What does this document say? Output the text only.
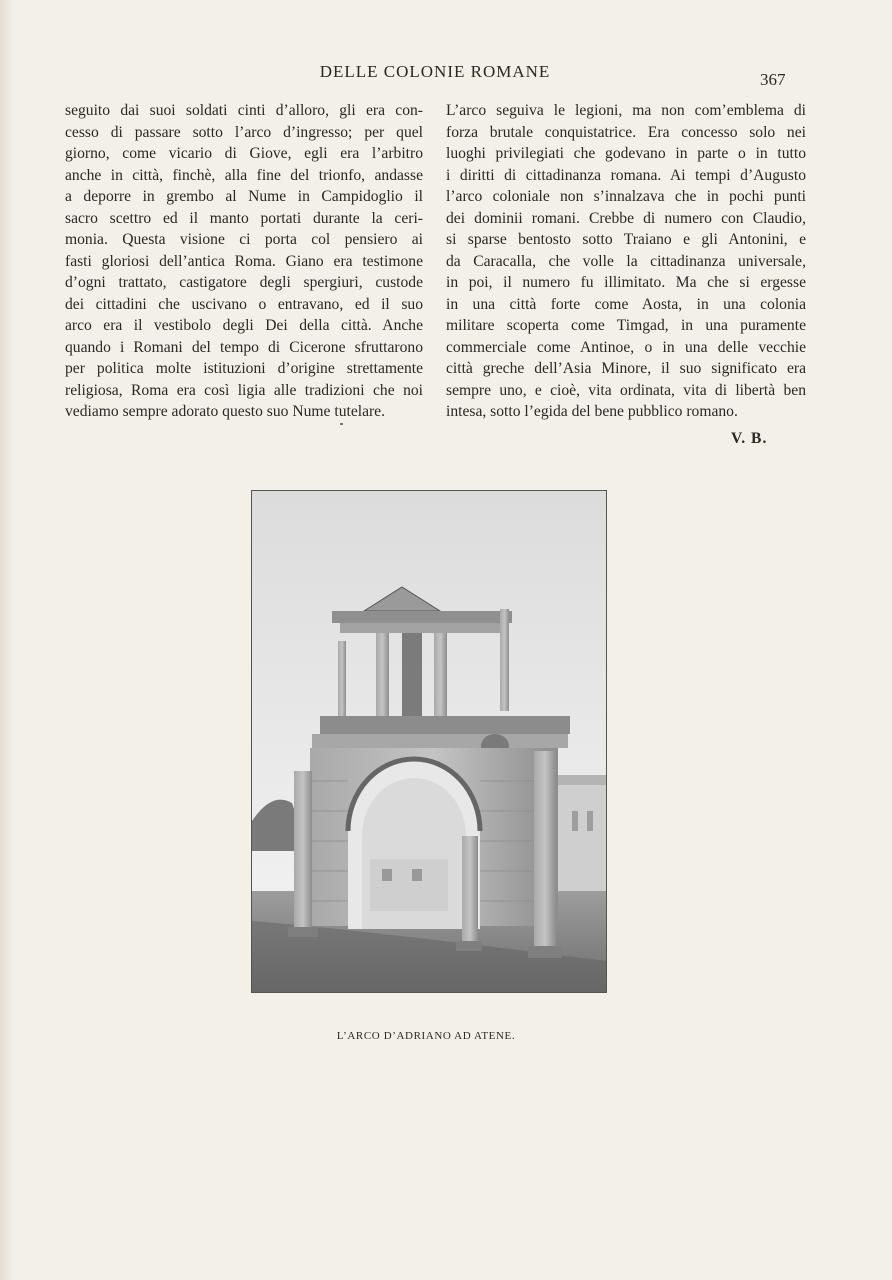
DELLE COLONIE ROMANE	367
seguito dai suoi soldati cinti d’alloro, gli era con-
cesso di passare sotto l’arco d’ingresso; per quel
giorno, come vicario di Giove, egli era l’arbitro
anche in città, finchè, alla fine del trionfo, andasse
a deporre in grembo al Nume in Campidoglio il
sacro scettro ed il manto portati durante la ceri-
monia. Questa visione ci porta col pensiero ai
fasti gloriosi dell’antica Roma. Giano era testimone
d’ogni trattato, castigatore degli spergiuri, custode
dei cittadini che uscivano o entravano, ed il suo
arco era il vestibolo degli Dei della città. Anche
quando i Romani del tempo di Cicerone sfruttarono
per politica molte istituzioni d’origine strettamente
religiosa, Roma era così ligia alle tradizioni che noi
vediamo sempre adorato questo suo Nume tutelare.
L’arco seguiva le legioni, ma non com’emblema di
forza brutale conquistatrice. Era concesso solo nei
luoghi privilegiati che godevano in parte o in tutto
i diritti di cittadinanza romana. Ai tempi d’Augusto
l’arco coloniale non s’innalzava che in pochi punti
dei dominii romani. Crebbe di numero con Claudio,
si sparse bentosto sotto Traiano e gli Antonini, e
da Caracalla, che volle la cittadinanza universale,
in poi, il numero fu illimitato. Ma che si ergesse
in una città forte come Aosta, in una colonia
militare scoperta come Timgad, in una puramente
commerciale come Antinoe, o in una delle vecchie
città greche dell’Asia Minore, il suo significato era
sempre uno, e cioè, vita ordinata, vita di libertà ben
intesa, sotto l’egida del bene pubblico romano.
V. B.
L’ARCO D’ADRIANO AD ATENE.
